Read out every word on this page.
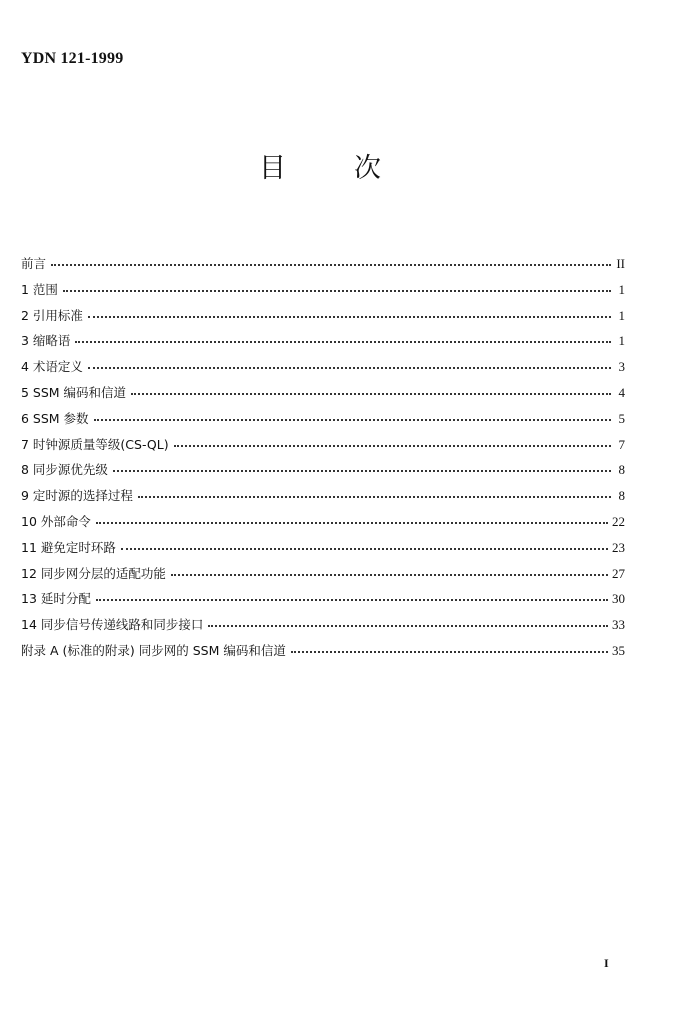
YDN 121-1999
目	次
前言	II
1 范围	1
2 引用标准	1
3 缩略语	1
4 术语定义	3
5 SSM 编码和信道	4
6 SSM 参数	5
7 时钟源质量等级(CS-QL)	7
8 同步源优先级	8
9 定时源的选择过程	8
10 外部命令	22
11 避免定时环路	23
12 同步网分层的适配功能	27
13 延时分配	30
14 同步信号传递线路和同步接口	33
附录 A (标准的附录) 同步网的 SSM 编码和信道	35
I
